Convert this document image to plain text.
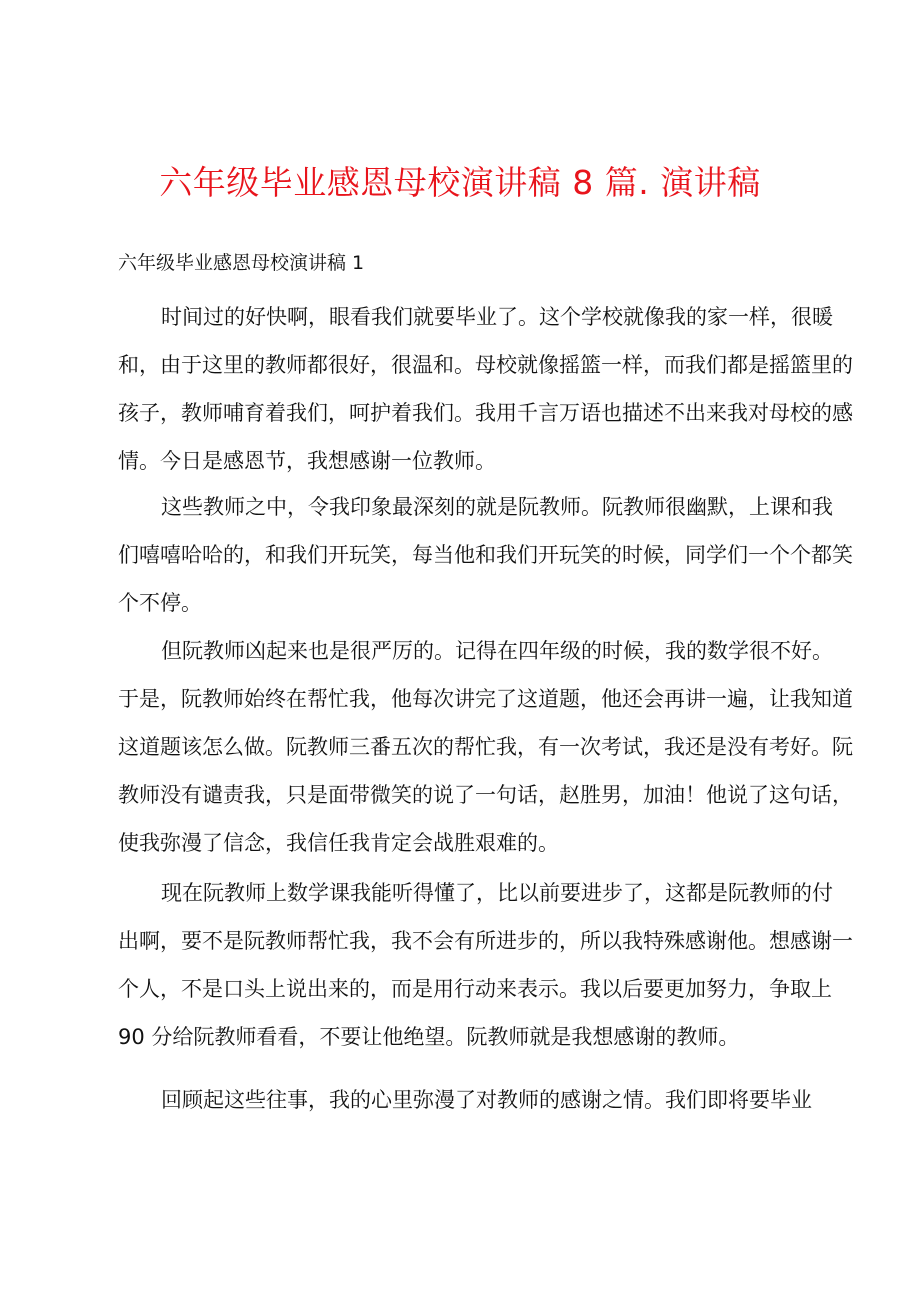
六年级毕业感恩母校演讲稿 8 篇. 演讲稿
六年级毕业感恩母校演讲稿 1
时间过的好快啊，眼看我们就要毕业了。这个学校就像我的家一样，很暖
和，由于这里的教师都很好，很温和。母校就像摇篮一样，而我们都是摇篮里的
孩子，教师哺育着我们，呵护着我们。我用千言万语也描述不出来我对母校的感
情。今日是感恩节，我想感谢一位教师。
这些教师之中，令我印象最深刻的就是阮教师。阮教师很幽默，上课和我
们嘻嘻哈哈的，和我们开玩笑，每当他和我们开玩笑的时候，同学们一个个都笑
个不停。
但阮教师凶起来也是很严厉的。记得在四年级的时候，我的数学很不好。
于是，阮教师始终在帮忙我，他每次讲完了这道题，他还会再讲一遍，让我知道
这道题该怎么做。阮教师三番五次的帮忙我，有一次考试，我还是没有考好。阮
教师没有谴责我，只是面带微笑的说了一句话，赵胜男，加油！他说了这句话，
使我弥漫了信念，我信任我肯定会战胜艰难的。
现在阮教师上数学课我能听得懂了，比以前要进步了，这都是阮教师的付
出啊，要不是阮教师帮忙我，我不会有所进步的，所以我特殊感谢他。想感谢一
个人，不是口头上说出来的，而是用行动来表示。我以后要更加努力，争取上
90 分给阮教师看看，不要让他绝望。阮教师就是我想感谢的教师。
回顾起这些往事，我的心里弥漫了对教师的感谢之情。我们即将要毕业
